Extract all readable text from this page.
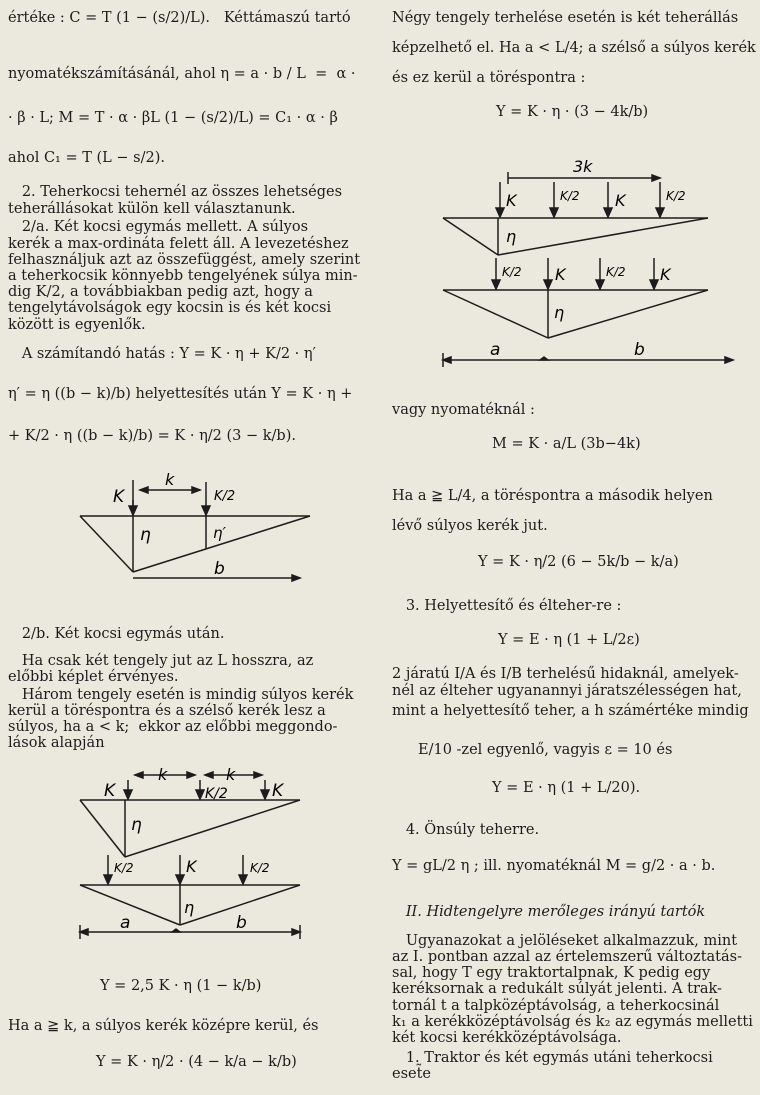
értéke : C = T (1 − (s/2)/L).   Kéttámaszú tartó
nyomatékszámításánál, ahol η = a · b / L  =  α ·
· β · L; M = T · α · βL (1 − (s/2)/L) = C₁ · α · β
ahol C₁ = T (L − s/2).
2. Teherkocsi tehernél az összes lehetséges
teherállásokat külön kell választanunk.
2/a. Két kocsi egymás mellett. A súlyos
kerék a max-ordináta felett áll. A levezetéshez
felhasználjuk azt az összefüggést, amely szerint
a teherkocsik könnyebb tengelyének súlya min-
dig K/2, a továbbiakban pedig azt, hogy a
tengelytávolságok egy kocsin is és két kocsi
között is egyenlők.
A számítandó hatás : Y = K · η + K/2 · η′
η′ = η ((b − k)/b) helyettesítés után Y = K · η +
+ K/2 · η ((b − k)/b) = K · η/2 (3 − k/b).
K
k
K/2
η	η′
b
2/b. Két kocsi egymás után.
Ha csak két tengely jut az L hosszra, az
előbbi képlet érvényes.
Három tengely esetén is mindig súlyos kerék
kerül a töréspontra és a szélső kerék lesz a
súlyos, ha a < k;  ekkor az előbbi meggondo-
lások alapján
K
k	k
K/2	K
η
K/2	K	K/2
η
a	b
Y = 2,5 K · η (1 − k/b)
Ha a ≧ k, a súlyos kerék középre kerül, és
Y = K · η/2 · (4 − k/a − k/b)
Négy tengely terhelése esetén is két teherállás
képzelhető el. Ha a < L/4; a szélső a súlyos kerék
és ez kerül a töréspontra :
Y = K · η · (3 − 4k/b)
3k
K	K/2 K	K/2
η
K/2 K	K/2 K
η
a	b
vagy nyomatéknál :
M = K · a/L (3b−4k)
Ha a ≧ L/4, a töréspontra a második helyen
lévő súlyos kerék jut.
Y = K · η/2 (6 − 5k/b − k/a)
3. Helyettesítő és élteher-re :
Y = E · η (1 + L/2ε)
2 járatú I/A és I/B terhelésű hidaknál, amelyek-
nél az élteher ugyanannyi járatszélességen hat,
mint a helyettesítő teher, a h számértéke mindig
E/10 -zel egyenlő, vagyis ε = 10 és
Y = E · η (1 + L/20).
4. Önsúly teherre.
Y = gL/2 η ; ill. nyomatéknál M = g/2 · a · b.
II. Hidtengelyre merőleges irányú tartók
Ugyanazokat a jelöléseket alkalmazzuk, mint
az I. pontban azzal az értelemszerű változtatás-
sal, hogy T egy traktortalpnak, K pedig egy
keréksornak a redukált súlyát jelenti. A trak-
tornál t a talpközéptávolság, a teherkocsinál
k₁ a kerékközéptávolság és k₂ az egymás melletti
két kocsi kerékközéptávolsága.
1. Traktor és két egymás utáni teherkocsi
eset̃e
